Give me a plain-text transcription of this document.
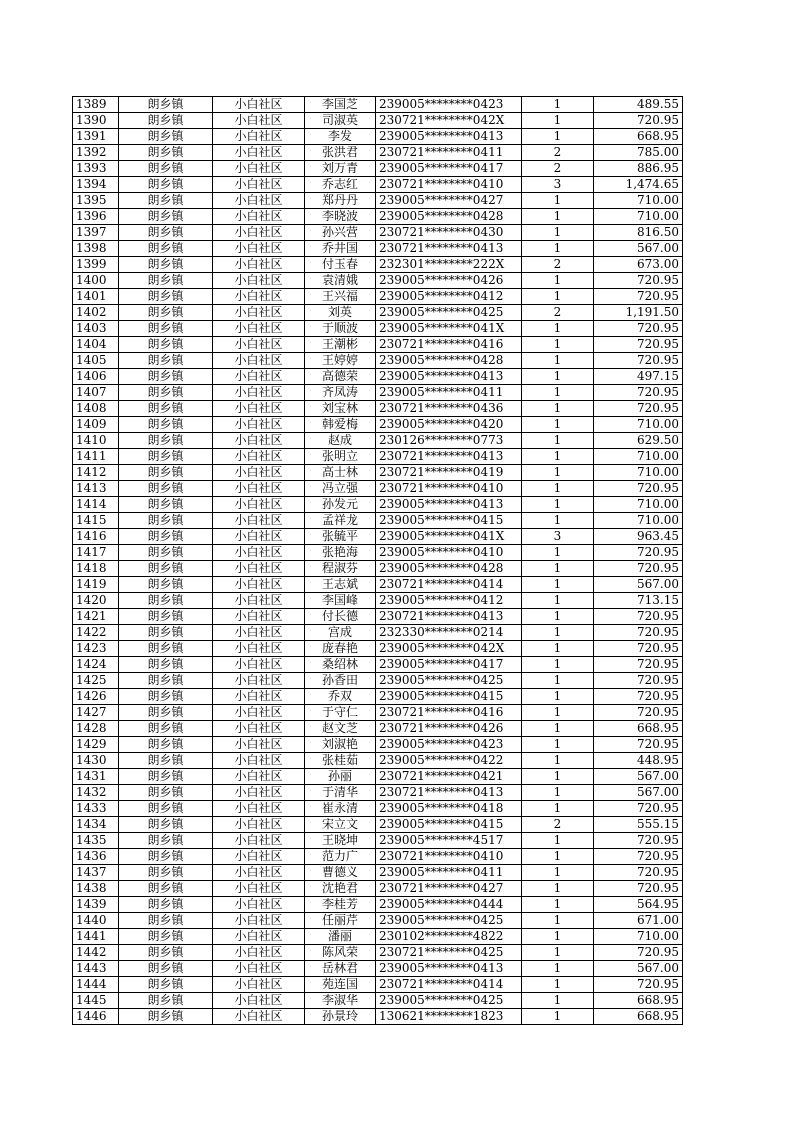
1389	朗乡镇	小白社区	李国芝	239005********0423	1	489.55
1390	朗乡镇	小白社区	司淑英	230721********042X	1	720.95
1391	朗乡镇	小白社区	李发	239005********0413	1	668.95
1392	朗乡镇	小白社区	张洪君	230721********0411	2	785.00
1393	朗乡镇	小白社区	刘万青	239005********0417	2	886.95
1394	朗乡镇	小白社区	乔志红	230721********0410	3	1,474.65
1395	朗乡镇	小白社区	郑丹丹	239005********0427	1	710.00
1396	朗乡镇	小白社区	李晓波	239005********0428	1	710.00
1397	朗乡镇	小白社区	孙兴营	230721********0430	1	816.50
1398	朗乡镇	小白社区	乔井国	230721********0413	1	567.00
1399	朗乡镇	小白社区	付玉春	232301********222X	2	673.00
1400	朗乡镇	小白社区	袁清娥	239005********0426	1	720.95
1401	朗乡镇	小白社区	王兴福	239005********0412	1	720.95
1402	朗乡镇	小白社区	刘英	239005********0425	2	1,191.50
1403	朗乡镇	小白社区	于顺波	239005********041X	1	720.95
1404	朗乡镇	小白社区	王潮彬	230721********0416	1	720.95
1405	朗乡镇	小白社区	王婷婷	239005********0428	1	720.95
1406	朗乡镇	小白社区	高德荣	239005********0413	1	497.15
1407	朗乡镇	小白社区	齐凤涛	239005********0411	1	720.95
1408	朗乡镇	小白社区	刘宝林	230721********0436	1	720.95
1409	朗乡镇	小白社区	韩爱梅	239005********0420	1	710.00
1410	朗乡镇	小白社区	赵成	230126********0773	1	629.50
1411	朗乡镇	小白社区	张明立	230721********0413	1	710.00
1412	朗乡镇	小白社区	高士林	230721********0419	1	710.00
1413	朗乡镇	小白社区	冯立强	230721********0410	1	720.95
1414	朗乡镇	小白社区	孙发元	239005********0413	1	710.00
1415	朗乡镇	小白社区	孟祥龙	239005********0415	1	710.00
1416	朗乡镇	小白社区	张毓平	239005********041X	3	963.45
1417	朗乡镇	小白社区	张艳海	239005********0410	1	720.95
1418	朗乡镇	小白社区	程淑芬	239005********0428	1	720.95
1419	朗乡镇	小白社区	王志斌	230721********0414	1	567.00
1420	朗乡镇	小白社区	李国峰	239005********0412	1	713.15
1421	朗乡镇	小白社区	付长德	230721********0413	1	720.95
1422	朗乡镇	小白社区	宫成	232330********0214	1	720.95
1423	朗乡镇	小白社区	庞春艳	239005********042X	1	720.95
1424	朗乡镇	小白社区	桑绍林	239005********0417	1	720.95
1425	朗乡镇	小白社区	孙香田	239005********0425	1	720.95
1426	朗乡镇	小白社区	乔双	239005********0415	1	720.95
1427	朗乡镇	小白社区	于守仁	230721********0416	1	720.95
1428	朗乡镇	小白社区	赵文芝	230721********0426	1	668.95
1429	朗乡镇	小白社区	刘淑艳	239005********0423	1	720.95
1430	朗乡镇	小白社区	张桂茹	239005********0422	1	448.95
1431	朗乡镇	小白社区	孙丽	230721********0421	1	567.00
1432	朗乡镇	小白社区	于清华	230721********0413	1	567.00
1433	朗乡镇	小白社区	崔永清	239005********0418	1	720.95
1434	朗乡镇	小白社区	宋立文	239005********0415	2	555.15
1435	朗乡镇	小白社区	王晓坤	239005********4517	1	720.95
1436	朗乡镇	小白社区	范力广	230721********0410	1	720.95
1437	朗乡镇	小白社区	曹德义	239005********0411	1	720.95
1438	朗乡镇	小白社区	沈艳君	230721********0427	1	720.95
1439	朗乡镇	小白社区	李桂芳	239005********0444	1	564.95
1440	朗乡镇	小白社区	任丽芹	239005********0425	1	671.00
1441	朗乡镇	小白社区	潘丽	230102********4822	1	710.00
1442	朗乡镇	小白社区	陈风荣	230721********0425	1	720.95
1443	朗乡镇	小白社区	岳林君	239005********0413	1	567.00
1444	朗乡镇	小白社区	苑连国	230721********0414	1	720.95
1445	朗乡镇	小白社区	李淑华	239005********0425	1	668.95
1446	朗乡镇	小白社区	孙景玲	130621********1823	1	668.95
